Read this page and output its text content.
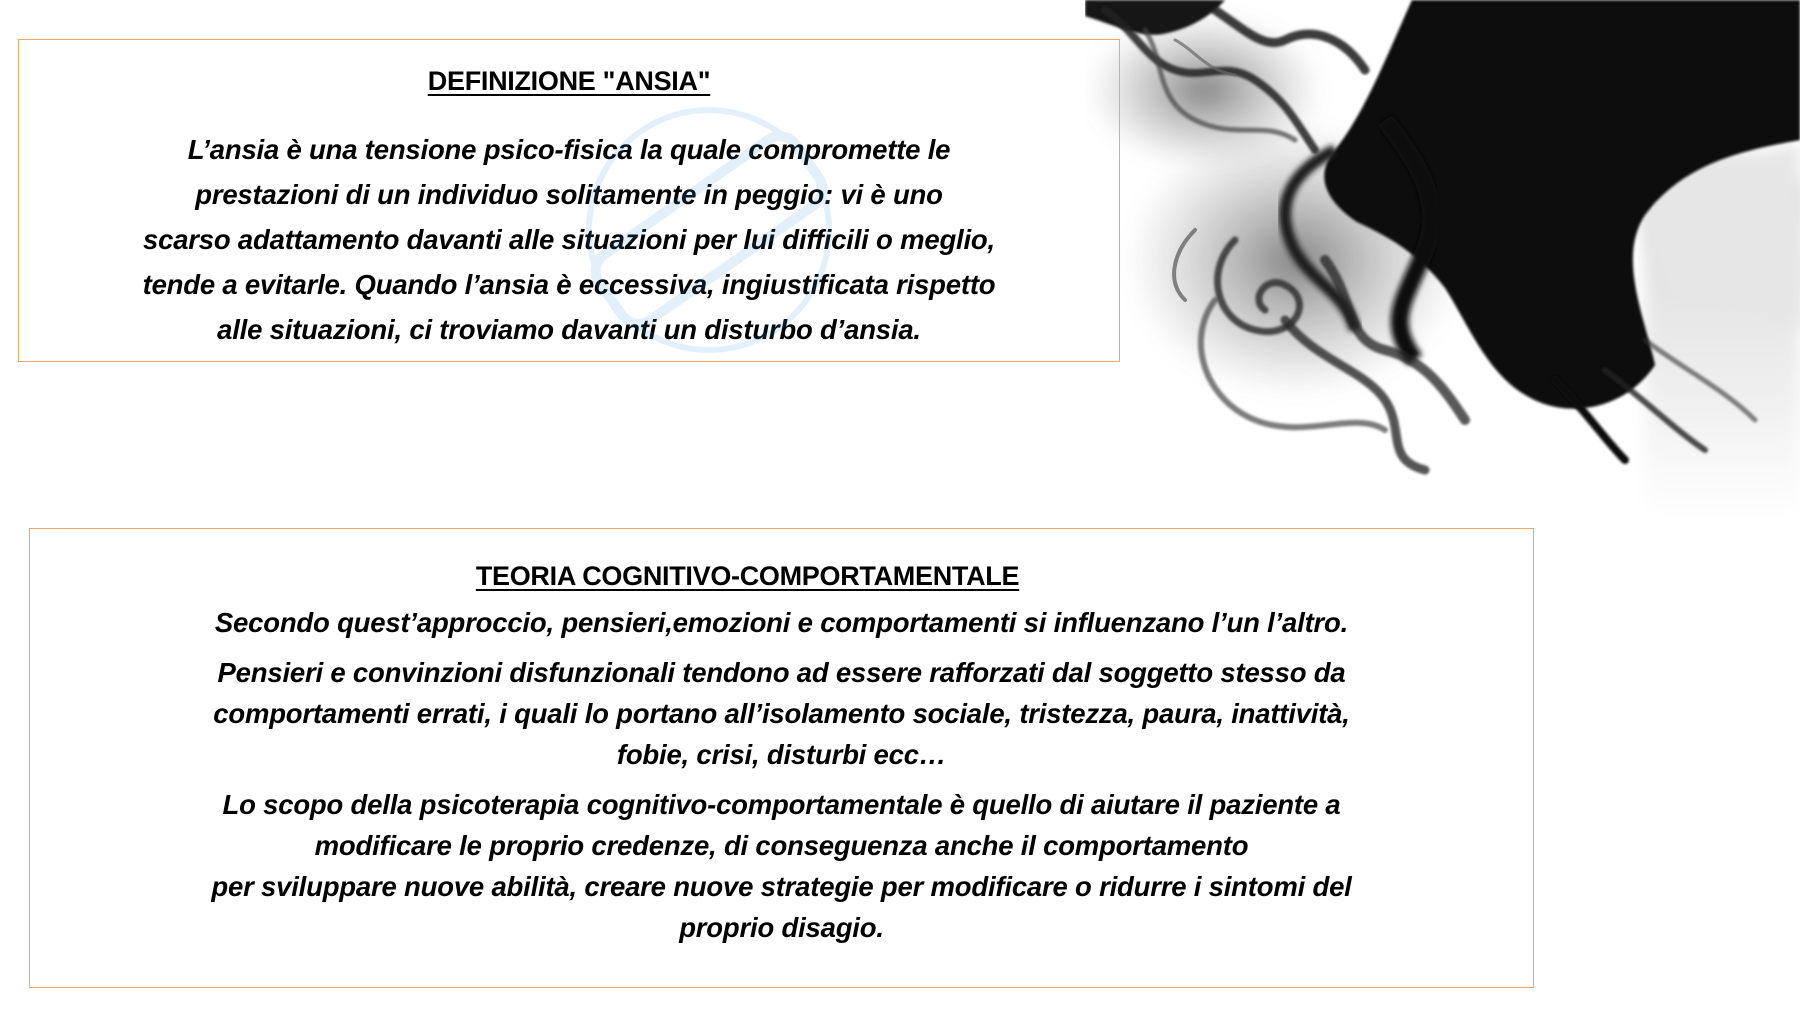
DEFINIZIONE "ANSIA"
L’ansia è una tensione psico-fisica la quale compromette le
prestazioni di un individuo solitamente in peggio: vi è uno
scarso adattamento davanti alle situazioni per lui difficili o meglio,
tende a evitarle. Quando l’ansia è eccessiva, ingiustificata rispetto
alle situazioni, ci troviamo davanti un disturbo d’ansia.
TEORIA COGNITIVO-COMPORTAMENTALE
Secondo quest’approccio, pensieri,emozioni e comportamenti si influenzano l’un l’altro.
Pensieri e convinzioni disfunzionali tendono ad essere rafforzati dal soggetto stesso da
comportamenti errati, i quali lo portano all’isolamento sociale, tristezza, paura, inattività,
fobie, crisi, disturbi ecc…
Lo scopo della psicoterapia cognitivo-comportamentale è quello di aiutare il paziente a
modificare le proprio credenze, di conseguenza anche il comportamento
per sviluppare nuove abilità, creare nuove strategie per modificare o ridurre i sintomi del
proprio disagio.
